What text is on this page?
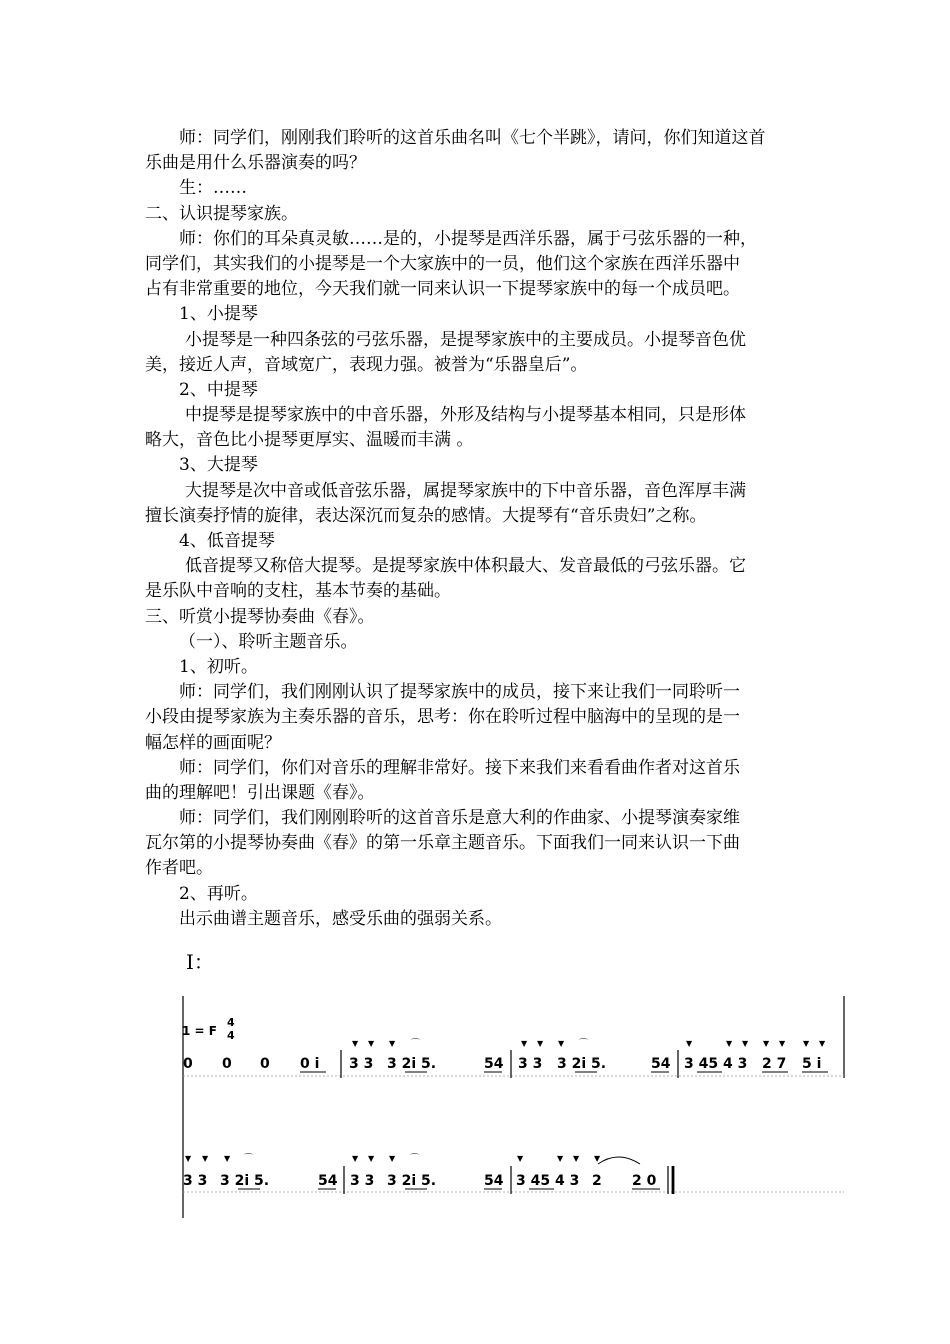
师：同学们，刚刚我们聆听的这首乐曲名叫《七个半跳》，请问，你们知道这首
乐曲是用什么乐器演奏的吗？
生：……
二、认识提琴家族。
师：你们的耳朵真灵敏……是的，小提琴是西洋乐器，属于弓弦乐器的一种，
同学们，其实我们的小提琴是一个大家族中的一员，他们这个家族在西洋乐器中
占有非常重要的地位，今天我们就一同来认识一下提琴家族中的每一个成员吧。
1、小提琴
小提琴是一种四条弦的弓弦乐器，是提琴家族中的主要成员。小提琴音色优
美，接近人声，音域宽广，表现力强。被誉为“乐器皇后”。
2、中提琴
中提琴是提琴家族中的中音乐器，外形及结构与小提琴基本相同，只是形体
略大，音色比小提琴更厚实、温暖而丰满 。
3、大提琴
大提琴是次中音或低音弦乐器，属提琴家族中的下中音乐器，音色浑厚丰满
擅长演奏抒情的旋律，表达深沉而复杂的感情。大提琴有“音乐贵妇”之称。
4、低音提琴
低音提琴又称倍大提琴。是提琴家族中体积最大、发音最低的弓弦乐器。它
是乐队中音响的支柱，基本节奏的基础。
三、听赏小提琴协奏曲《春》。
（一）、聆听主题音乐。
1、初听。
师：同学们，我们刚刚认识了提琴家族中的成员，接下来让我们一同聆听一
小段由提琴家族为主奏乐器的音乐，思考：你在聆听过程中脑海中的呈现的是一
幅怎样的画面呢？
师：同学们，你们对音乐的理解非常好。接下来我们来看看曲作者对这首乐
曲的理解吧！引出课题《春》。
师：同学们，我们刚刚聆听的这首音乐是意大利的作曲家、小提琴演奏家维
瓦尔第的小提琴协奏曲《春》的第一乐章主题音乐。下面我们一同来认识一下曲
作者吧。
2、再听。
出示曲谱主题音乐，感受乐曲的强弱关系。
Ⅰ：
1 = F
4
4
0 0 0 0 i 3 3 3 2i 5.	54 3 3 3 2i 5.	54 3 45 4 3 2 7 5 i
▼ ▼ ▼ ⌒	▼ ▼ ▼ ⌒	▼	▼ ▼ ▼ ▼ ▼ ▼
▼ ▼ ▼ ⌒	▼ ▼ ▼ ⌒	▼	▼ ▼ ▼
3 3 3 2i 5.	54 3 3 3 2i 5.	54 3 45 4 3 2 2 0
